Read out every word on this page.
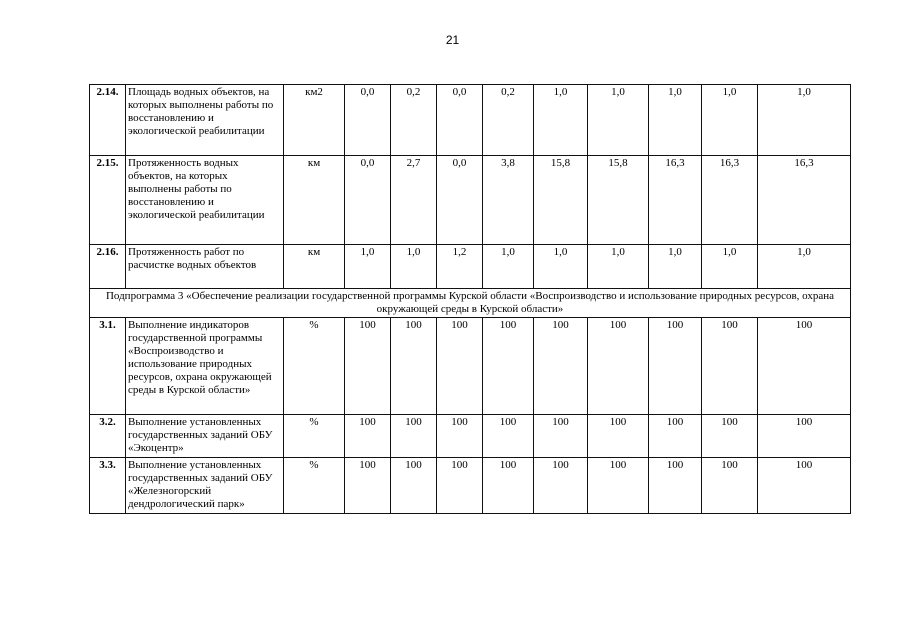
21
2.14.	Площадь водных объектов, на которых выполнены работы по восстановлению и экологической реабилитации	км2	0,0	0,2	0,0	0,2	1,0	1,0	1,0	1,0	1,0
2.15.	Протяженность водных объектов, на которых выполнены работы по восстановлению и экологической реабилитации	км	0,0	2,7	0,0	3,8	15,8	15,8	16,3	16,3	16,3
2.16.	Протяженность работ по расчистке водных объектов	км	1,0	1,0	1,2	1,0	1,0	1,0	1,0	1,0	1,0
Подпрограмма 3 «Обеспечение реализации государственной программы Курской области «Воспроизводство и использование природных ресурсов, охрана окружающей среды в Курской области»											
3.1.	Выполнение индикаторов государственной программы «Воспроизводство и использование природных ресурсов, охрана окружающей среды в Курской области»	%	100	100	100	100	100	100	100	100	100
3.2.	Выполнение установленных государственных заданий ОБУ «Экоцентр»	%	100	100	100	100	100	100	100	100	100
3.3.	Выполнение установленных государственных заданий ОБУ «Железногорский дендрологический парк»	%	100	100	100	100	100	100	100	100	100
